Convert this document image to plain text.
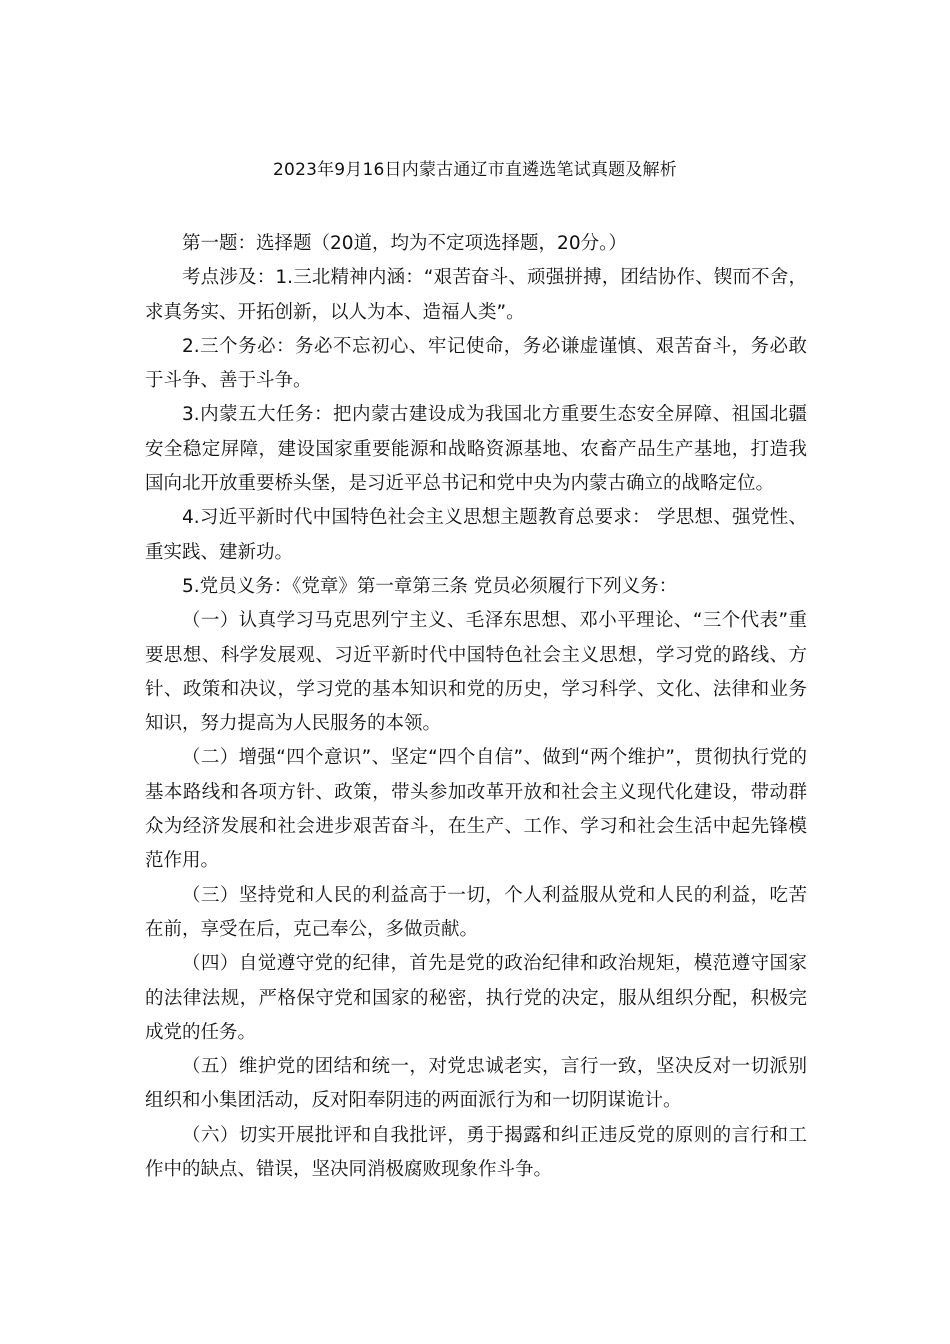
2023年9月16日内蒙古通辽市直遴选笔试真题及解析

第一题：选择题（20道，均为不定项选择题，20分。）

考点涉及：1.三北精神内涵：“艰苦奋斗、顽强拼搏，团结协作、锲而不舍，求真务实、开拓创新，以人为本、造福人类”。

2.三个务必：务必不忘初心、牢记使命，务必谦虚谨慎、艰苦奋斗，务必敢于斗争、善于斗争。

3.内蒙五大任务：把内蒙古建设成为我国北方重要生态安全屏障、祖国北疆安全稳定屏障，建设国家重要能源和战略资源基地、农畜产品生产基地，打造我国向北开放重要桥头堡，是习近平总书记和党中央为内蒙古确立的战略定位。

4.习近平新时代中国特色社会主义思想主题教育总要求： 学思想、强党性、重实践、建新功。

5.党员义务：《党章》第一章第三条 党员必须履行下列义务：

（一）认真学习马克思列宁主义、毛泽东思想、邓小平理论、“三个代表”重要思想、科学发展观、习近平新时代中国特色社会主义思想，学习党的路线、方针、政策和决议，学习党的基本知识和党的历史，学习科学、文化、法律和业务知识，努力提高为人民服务的本领。

（二）增强“四个意识”、坚定“四个自信”、做到“两个维护”，贯彻执行党的基本路线和各项方针、政策，带头参加改革开放和社会主义现代化建设，带动群众为经济发展和社会进步艰苦奋斗，在生产、工作、学习和社会生活中起先锋模范作用。

（三）坚持党和人民的利益高于一切，个人利益服从党和人民的利益，吃苦在前，享受在后，克己奉公，多做贡献。

（四）自觉遵守党的纪律，首先是党的政治纪律和政治规矩，模范遵守国家的法律法规，严格保守党和国家的秘密，执行党的决定，服从组织分配，积极完成党的任务。

（五）维护党的团结和统一，对党忠诚老实，言行一致，坚决反对一切派别组织和小集团活动，反对阳奉阴违的两面派行为和一切阴谋诡计。

（六）切实开展批评和自我批评，勇于揭露和纠正违反党的原则的言行和工作中的缺点、错误，坚决同消极腐败现象作斗争。
